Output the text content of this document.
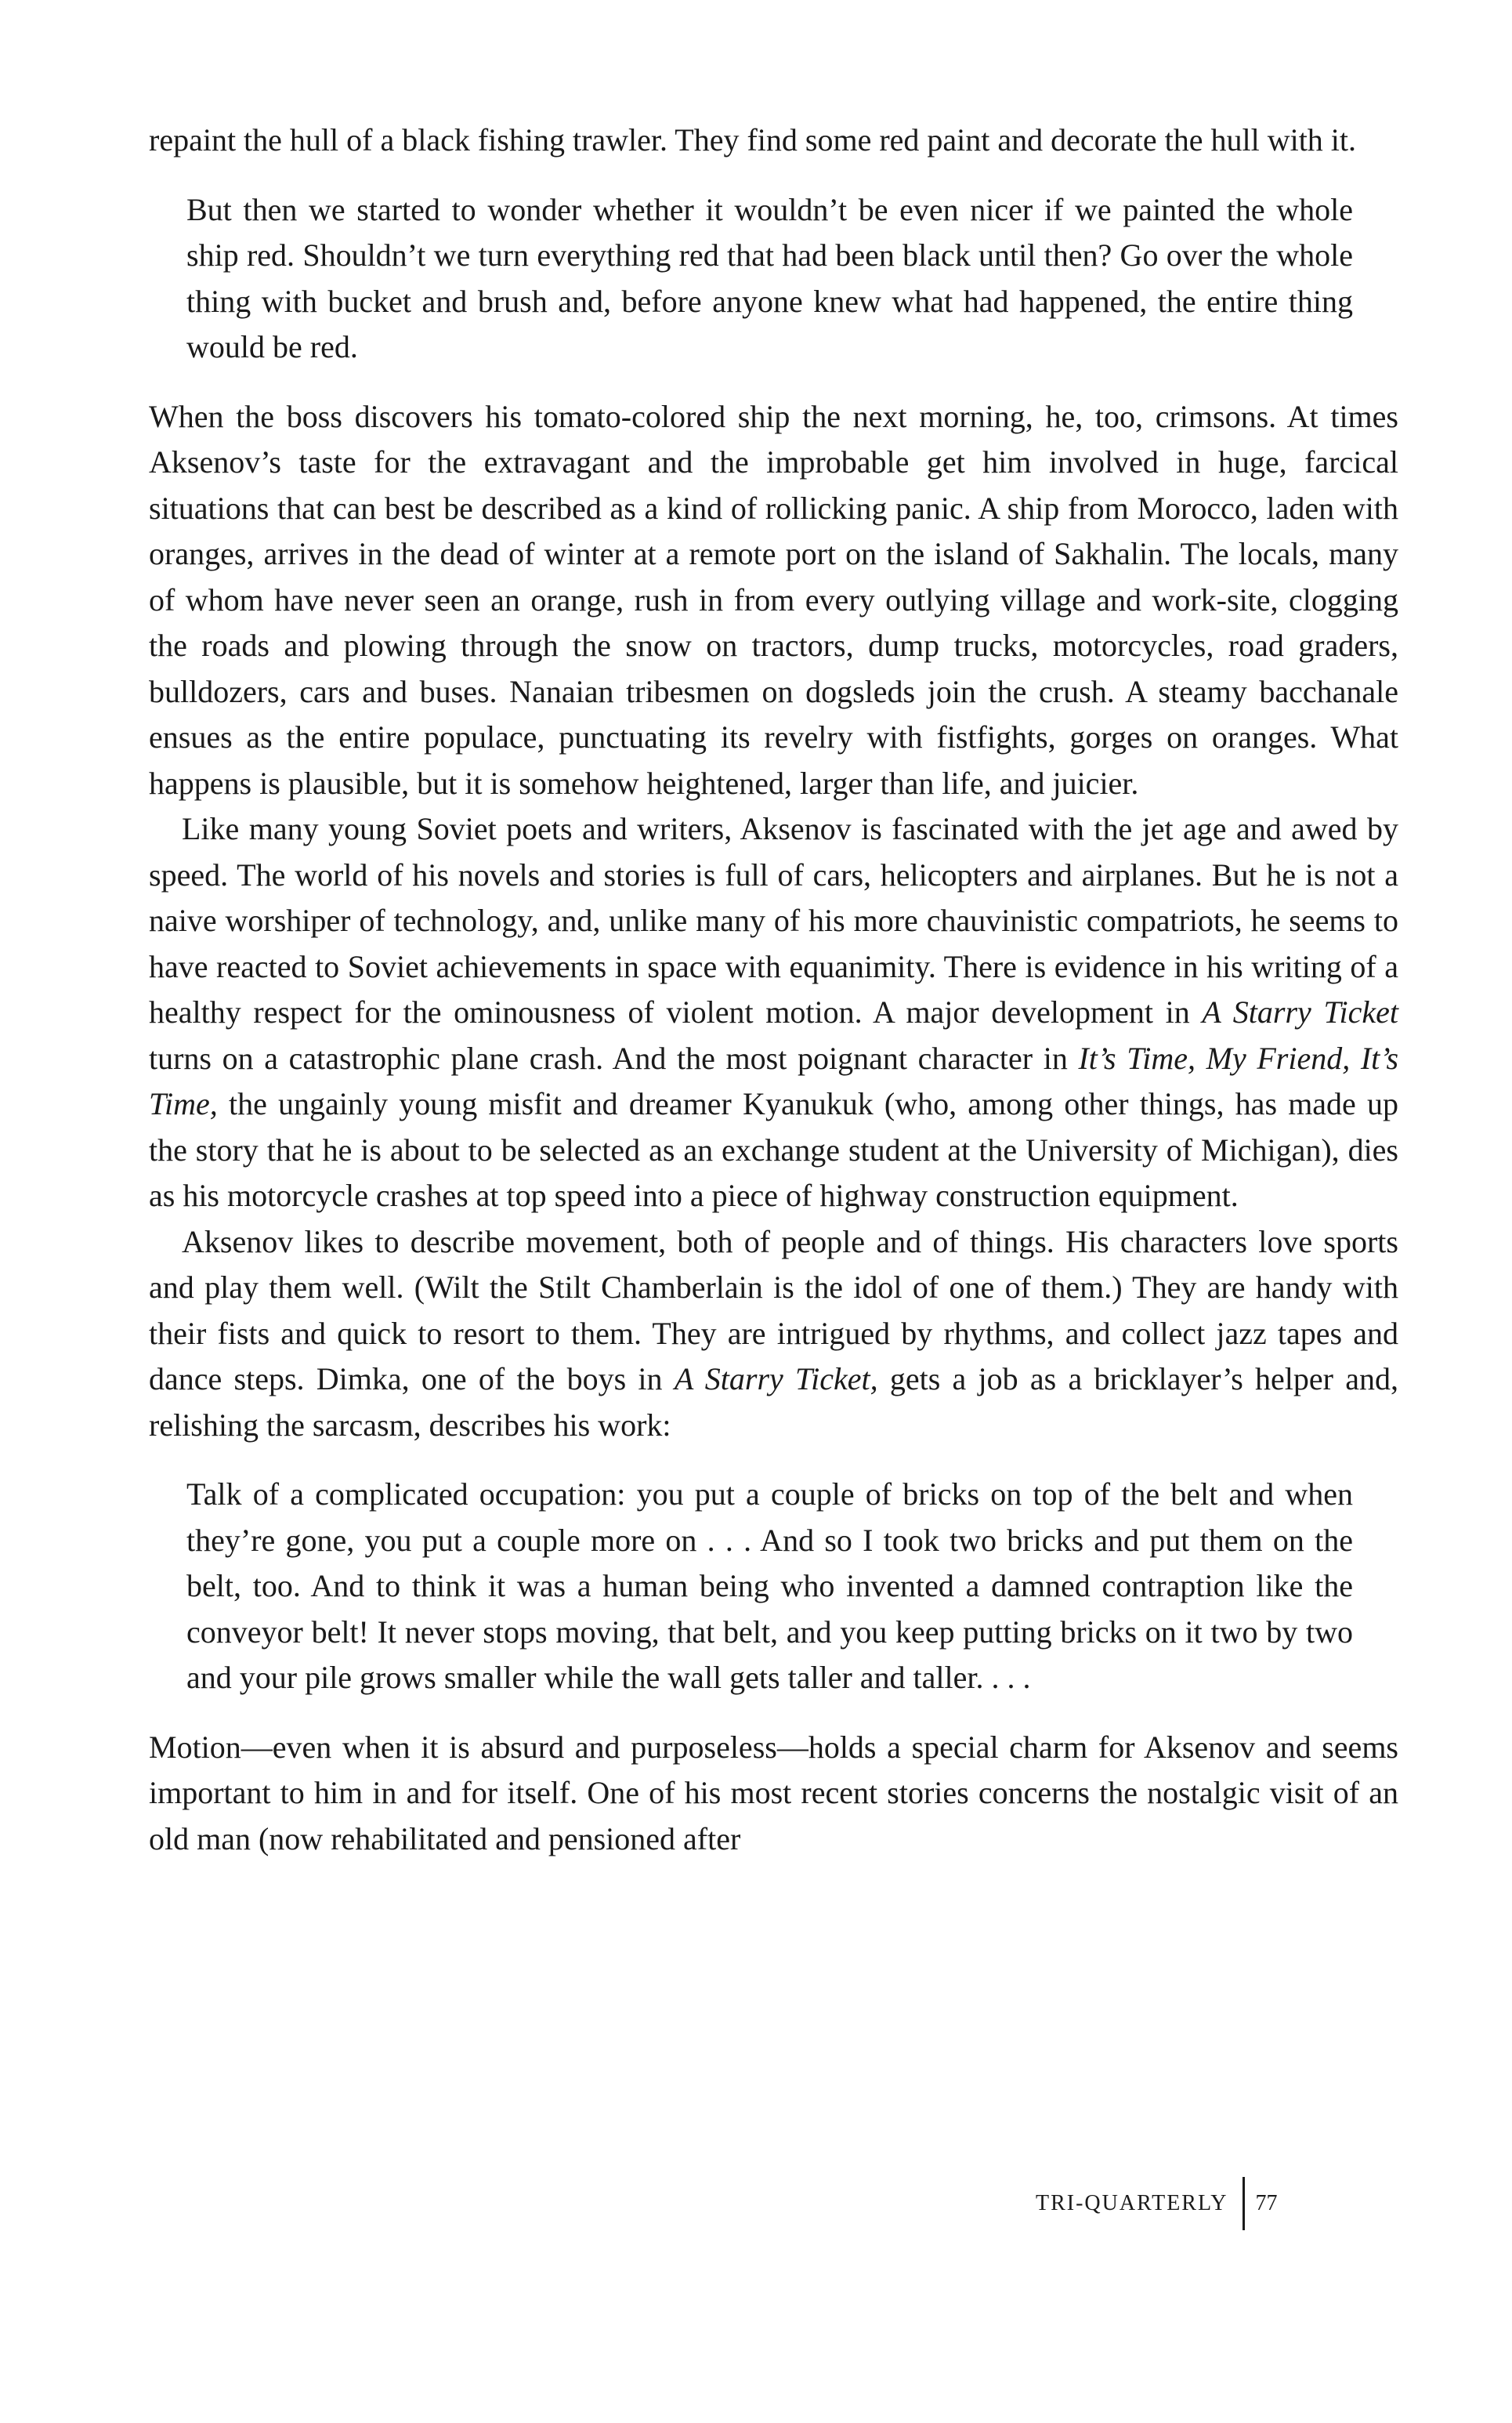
repaint the hull of a black fishing trawler. They find some red paint and decorate the hull with it.

But then we started to wonder whether it wouldn’t be even nicer if we painted the whole ship red. Shouldn’t we turn everything red that had been black until then? Go over the whole thing with bucket and brush and, before anyone knew what had happened, the entire thing would be red.

When the boss discovers his tomato-colored ship the next morning, he, too, crimsons. At times Aksenov’s taste for the extravagant and the improbable get him involved in huge, farcical situations that can best be described as a kind of rollicking panic. A ship from Morocco, laden with oranges, arrives in the dead of winter at a remote port on the island of Sakhalin. The locals, many of whom have never seen an orange, rush in from every outlying village and work-site, clogging the roads and plowing through the snow on tractors, dump trucks, motorcycles, road graders, bulldozers, cars and buses. Nanaian tribesmen on dogsleds join the crush. A steamy bacchanale ensues as the entire populace, punctuating its revelry with fistfights, gorges on oranges. What happens is plausible, but it is somehow heightened, larger than life, and juicier.

Like many young Soviet poets and writers, Aksenov is fascinated with the jet age and awed by speed. The world of his novels and stories is full of cars, helicopters and airplanes. But he is not a naive worshiper of technology, and, unlike many of his more chauvinistic compatriots, he seems to have reacted to Soviet achievements in space with equanimity. There is evidence in his writing of a healthy respect for the ominousness of violent motion. A major development in A Starry Ticket turns on a catastrophic plane crash. And the most poignant character in It’s Time, My Friend, It’s Time, the ungainly young misfit and dreamer Kyanukuk (who, among other things, has made up the story that he is about to be selected as an exchange student at the University of Michigan), dies as his motorcycle crashes at top speed into a piece of highway construction equipment.

Aksenov likes to describe movement, both of people and of things. His characters love sports and play them well. (Wilt the Stilt Chamberlain is the idol of one of them.) They are handy with their fists and quick to resort to them. They are intrigued by rhythms, and collect jazz tapes and dance steps. Dimka, one of the boys in A Starry Ticket, gets a job as a bricklayer’s helper and, relishing the sarcasm, describes his work:

Talk of a complicated occupation: you put a couple of bricks on top of the belt and when they’re gone, you put a couple more on . . . And so I took two bricks and put them on the belt, too. And to think it was a human being who invented a damned contraption like the conveyor belt! It never stops moving, that belt, and you keep putting bricks on it two by two and your pile grows smaller while the wall gets taller and taller. . . .

Motion—even when it is absurd and purposeless—holds a special charm for Aksenov and seems important to him in and for itself. One of his most recent stories concerns the nostalgic visit of an old man (now rehabilitated and pensioned after

TRI-QUARTERLY	77
